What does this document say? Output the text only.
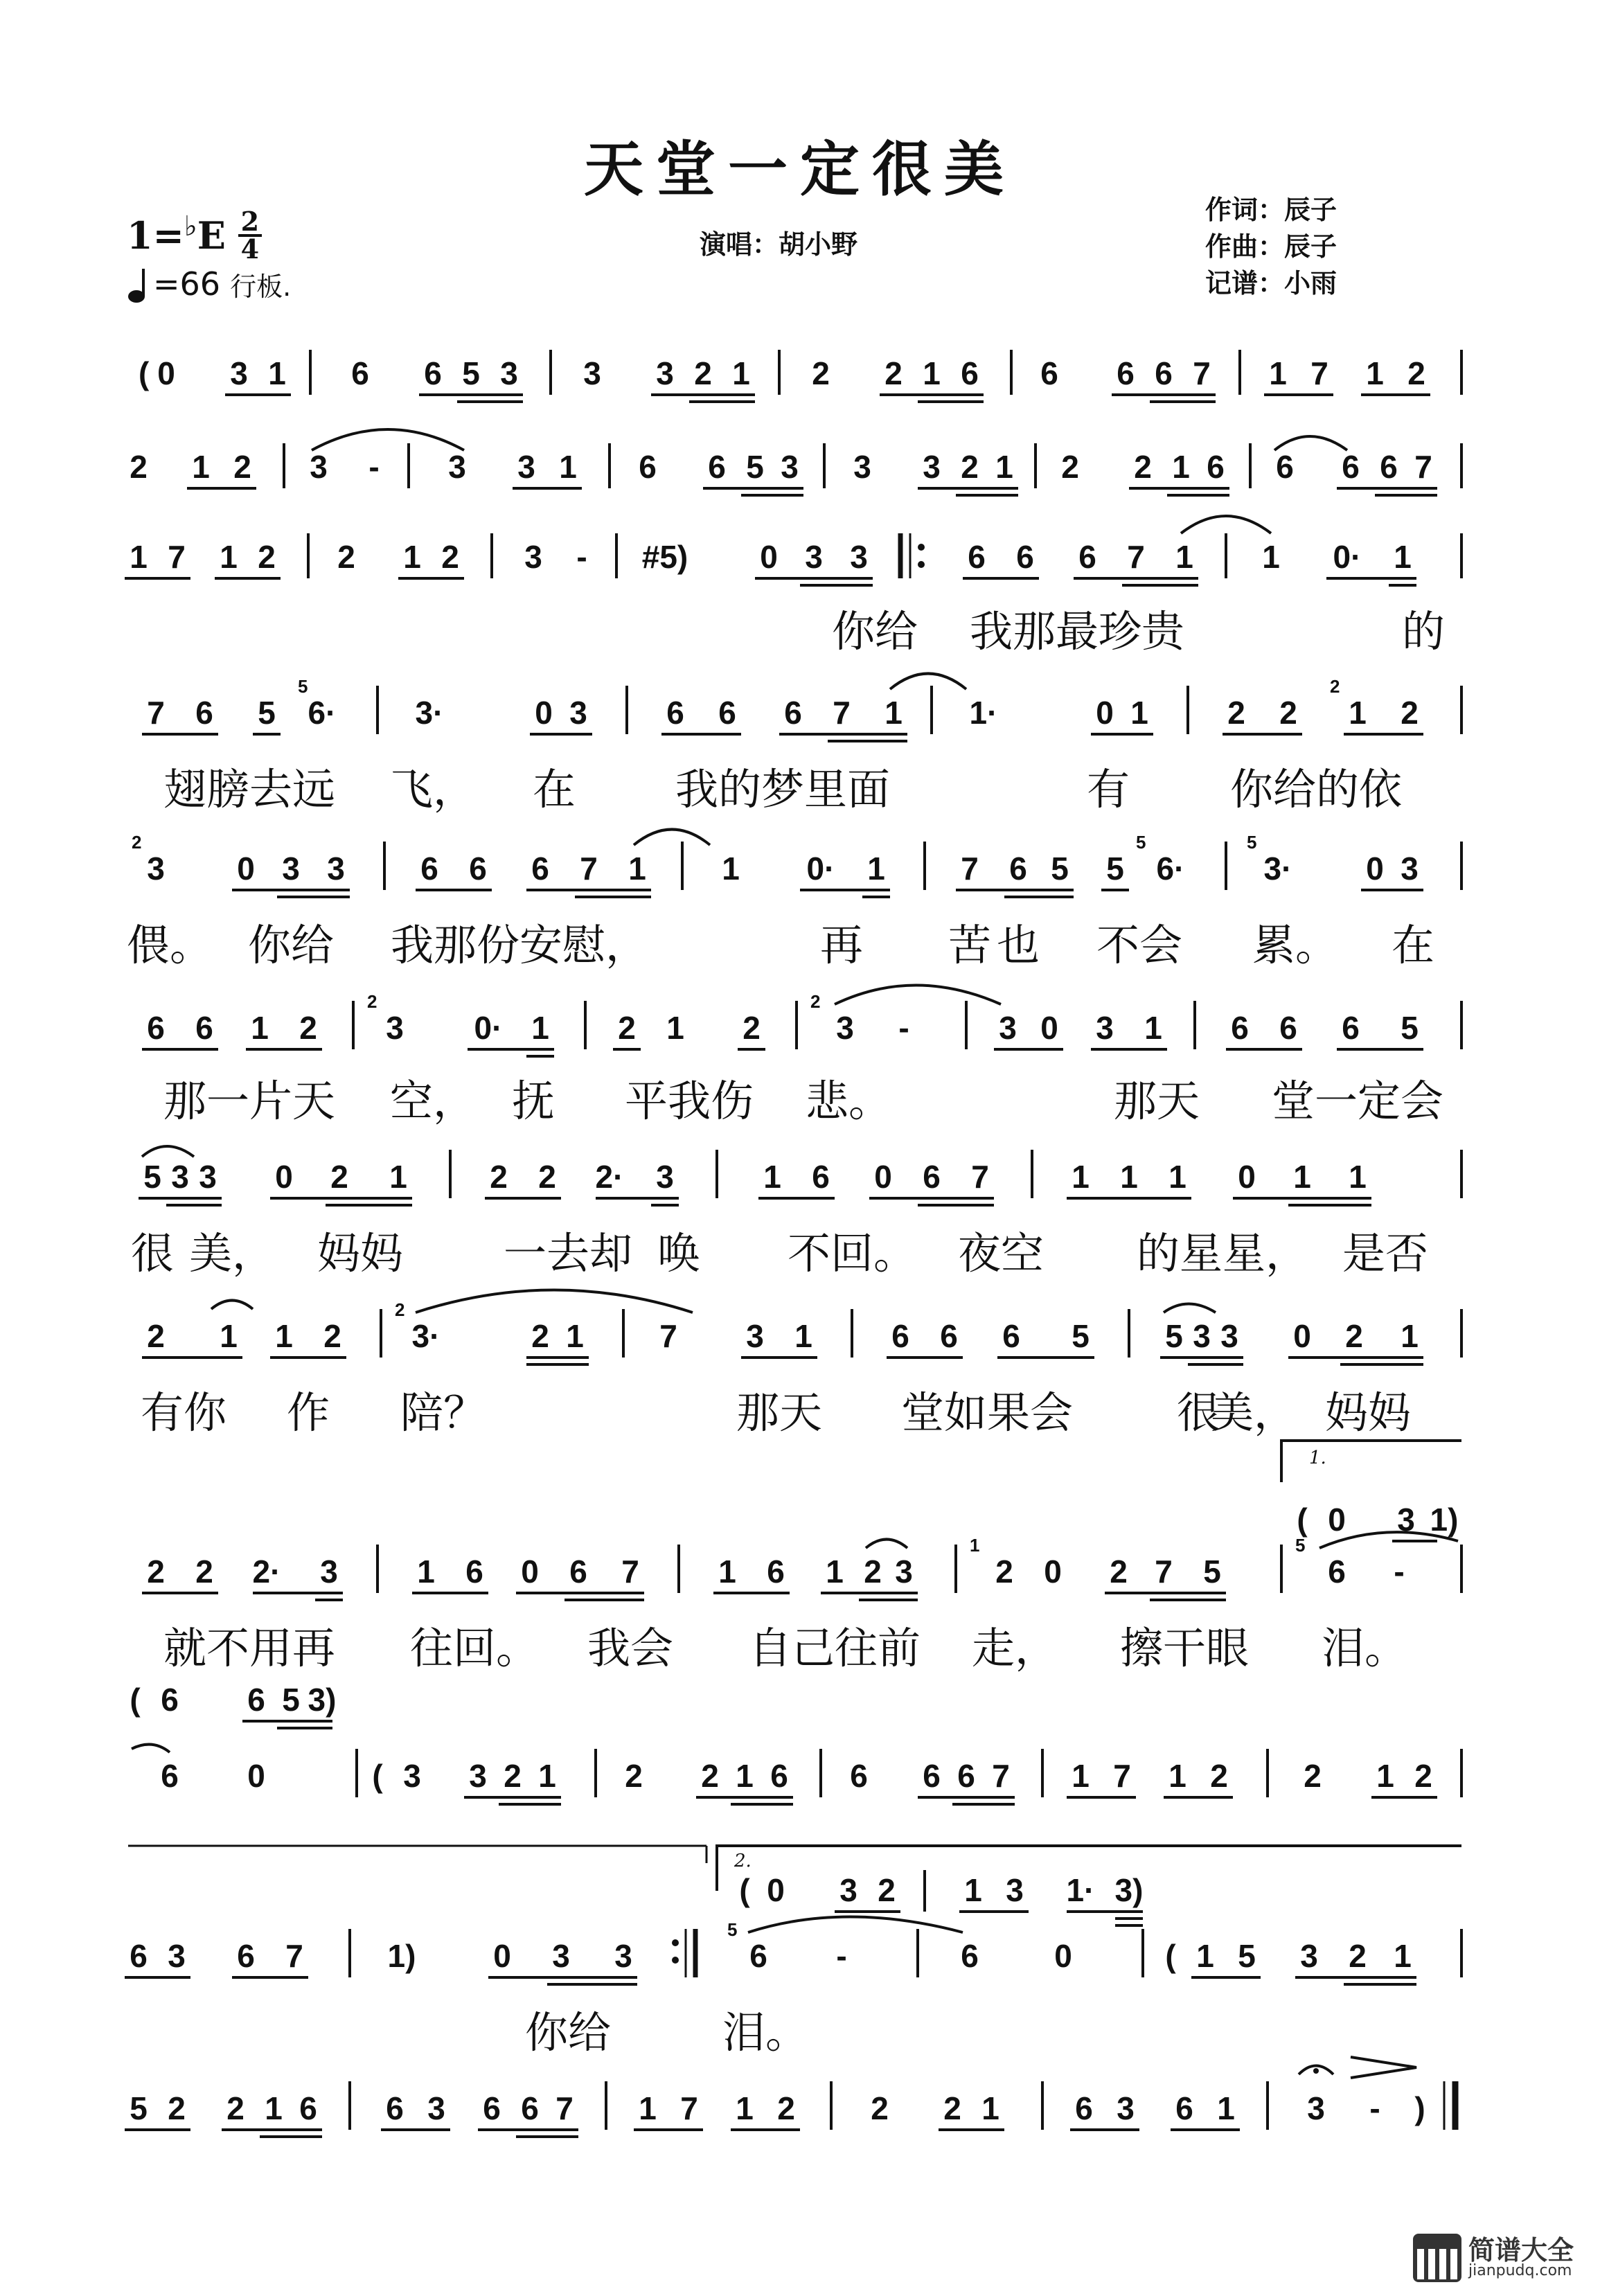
天堂一定很美
1= ♭ E $\frac{2}{4}$
=66 行板.
演唱：胡小野
作词：辰子
作曲：辰子
记谱：小雨
( 0 3 1 6 6 5 3 3 3 2 1 2 2 1 6 6 6 6 7 1 7 1 2
2 1 2 3 - 3 3 1 6 6 5 3 3 3 2 1 2 2 1 6 6 6 6 7
1 7 1 2 2 1 2 3 - #5) 0 3 3	6 6 6 7 1 1 0· 1
7 6 5 6· 3·	0 3 6 6 6 7 1 1·	0 1 2 2 1 2
3 0 3 3 6 6 6 7 1 1 0· 1 7 6 5 5 6· 3· 0 3
6 6 1 2 3 0· 1 2 1 2 3 -	3 0 3 1 6 6 6 5
5 3 3 0 2 1	2 2 2· 3	1 6 0 6 7	1 1 1 0 1 1
2 1 1 2 3·	2 1 7 3 1 6 6 6 5 5 3 3 0 2 1
( 0 3 1)
2 2 2· 3 1 6 0 6 7 1 6 1 2 3	2 0 2 7 5	6 -
( 6 6 5 3)
6 0	( 3 3 2 1 2 2 1 6 6 6 6 7 1 7 1 2 2 1 2
( 0 3 2 1 3 1· 3)
6 3 6 7	1) 0 3 3	6 -	6 0	( 1 5 3 2 1
5 2 2 1 6 6 3 6 6 7 1 7 1 2 2 2 1 6 3 6 1 3 - )
5	2
2	5	5
2	2
2
1	5
5
1.
2.
你给 我那最珍贵	的
翅膀去远 飞， 在 我的梦里面	有 你给的依
偎。 你给 我那份安慰，	再 苦 也 不会 累。 在
那一片天 空， 抚 平我伤 悲。	那天 堂一定会
很 美， 妈妈 一去却 唤 不回。 夜空 的星星， 是否
有你 作 陪？	那天 堂如果会 很
美， 妈妈
就不用再 往回。 我会 自己往前 走， 擦干眼 泪。
你给	泪。
简谱大全
jianpudq.com
